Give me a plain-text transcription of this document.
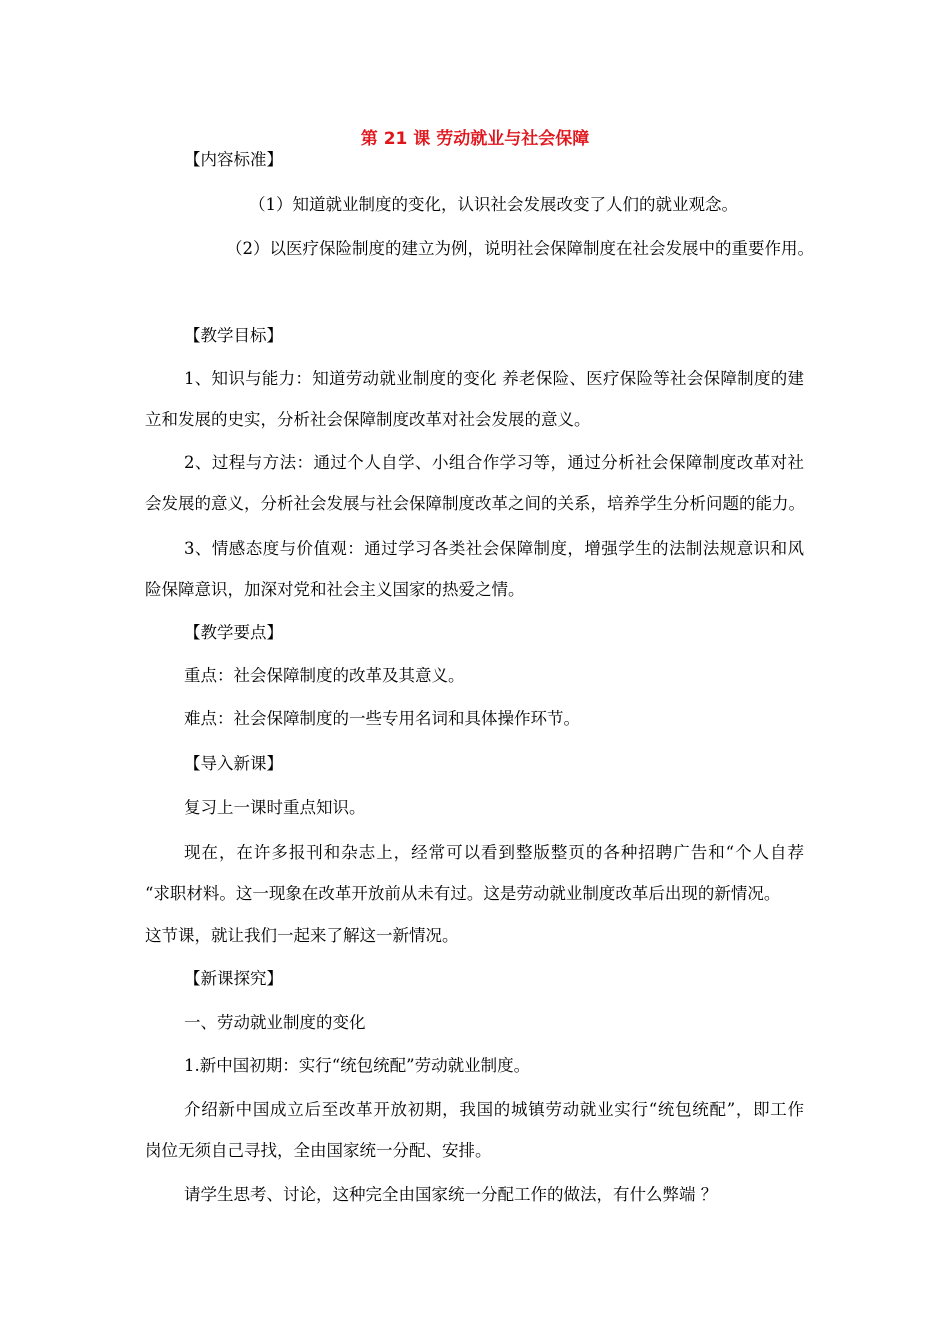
第 21 课 劳动就业与社会保障
【内容标准】
（1）知道就业制度的变化，认识社会发展改变了人们的就业观念。
（2）以医疗保险制度的建立为例，说明社会保障制度在社会发展中的重要作用。
【教学目标】
1、知识与能力：知道劳动就业制度的变化 养老保险、医疗保险等社会保障制度的建
立和发展的史实，分析社会保障制度改革对社会发展的意义。
2、过程与方法：通过个人自学、小组合作学习等，通过分析社会保障制度改革对社
会发展的意义，分析社会发展与社会保障制度改革之间的关系，培养学生分析问题的能力。
3、情感态度与价值观：通过学习各类社会保障制度，增强学生的法制法规意识和风
险保障意识，加深对党和社会主义国家的热爱之情。
【教学要点】
重点：社会保障制度的改革及其意义。
难点：社会保障制度的一些专用名词和具体操作环节。
【导入新课】
复习上一课时重点知识。
现在，在许多报刊和杂志上，经常可以看到整版整页的各种招聘广告和“个人自荐
“求职材料。这一现象在改革开放前从未有过。这是劳动就业制度改革后出现的新情况。
这节课，就让我们一起来了解这一新情况。
【新课探究】
一、劳动就业制度的变化
1.新中国初期：实行“统包统配”劳动就业制度。
介绍新中国成立后至改革开放初期，我国的城镇劳动就业实行“统包统配”，即工作
岗位无须自己寻找，全由国家统一分配、安排。
请学生思考、讨论，这种完全由国家统一分配工作的做法，有什么弊端 ？
